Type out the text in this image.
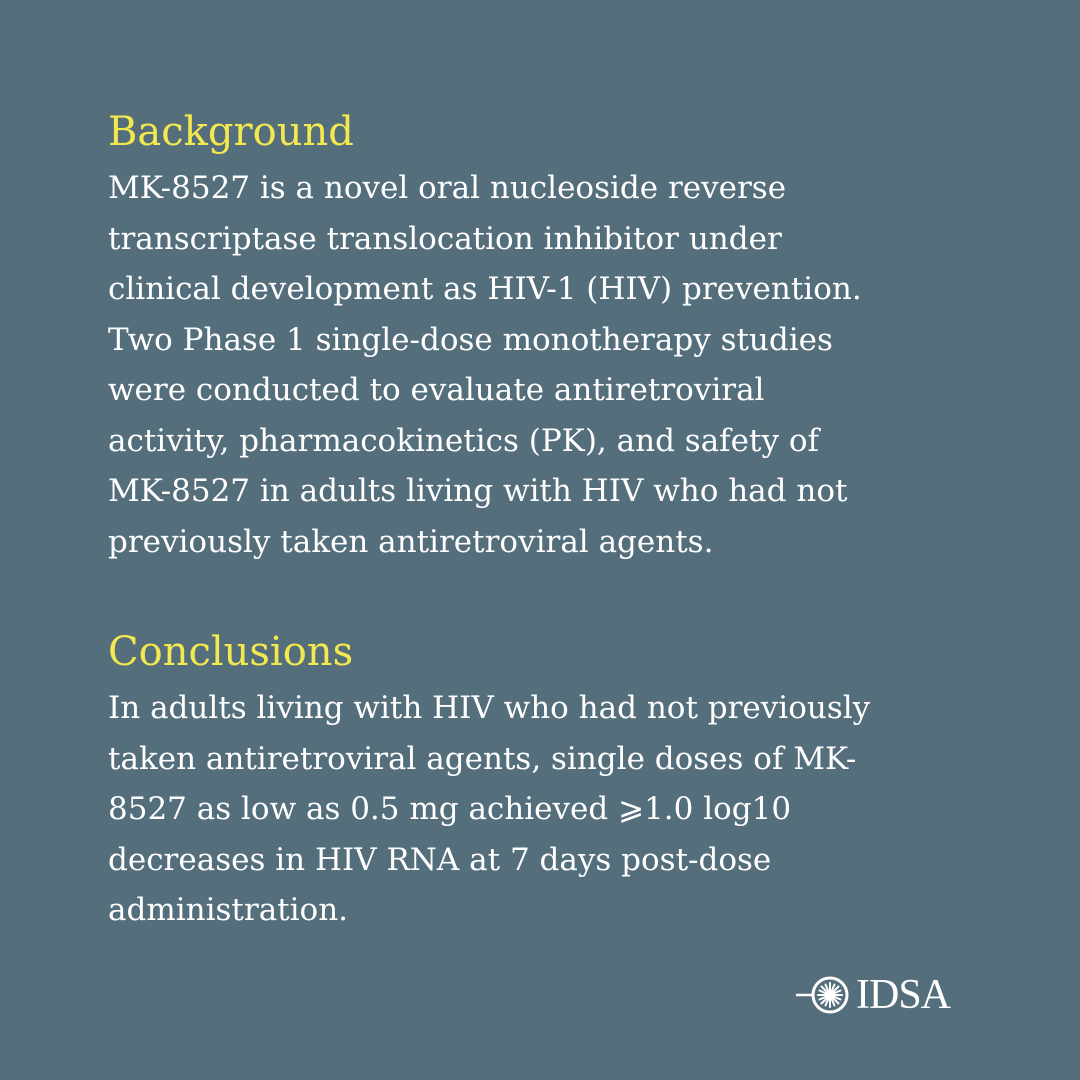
Background

MK-8527 is a novel oral nucleoside reverse
transcriptase translocation inhibitor under
clinical development as HIV-1 (HIV) prevention.
Two Phase 1 single-dose monotherapy studies
were conducted to evaluate antiretroviral
activity, pharmacokinetics (PK), and safety of
MK-8527 in adults living with HIV who had not
previously taken antiretroviral agents.

Conclusions

In adults living with HIV who had not previously
taken antiretroviral agents, single doses of MK-
8527 as low as 0.5 mg achieved ⩾1.0 log10
decreases in HIV RNA at 7 days post-dose
administration.

IDSA
